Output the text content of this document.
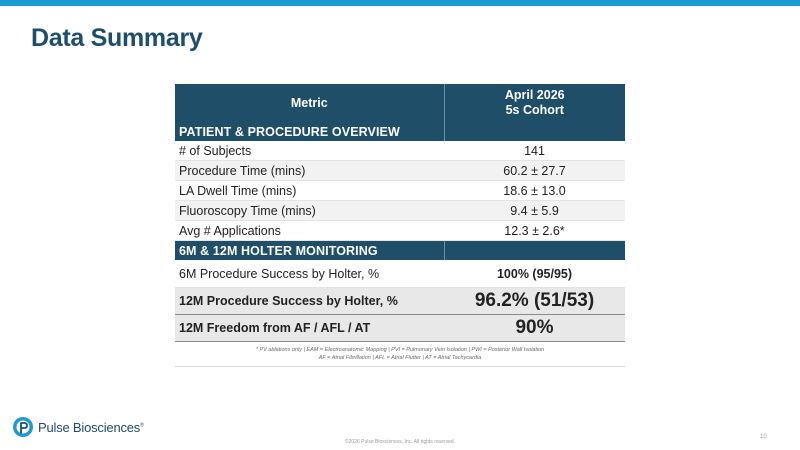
Data Summary
Metric	April 2026
5s Cohort

PATIENT & PROCEDURE OVERVIEW	
# of Subjects	141
Procedure Time (mins)	60.2 ± 27.7
LA Dwell Time (mins)	18.6 ± 13.0
Fluoroscopy Time (mins)	9.4 ± 5.9
Avg # Applications	12.3 ± 2.6*
6M & 12M HOLTER MONITORING	
6M Procedure Success by Holter, %	100% (95/95)
12M Procedure Success by Holter, %	96.2% (51/53)
12M Freedom from AF / AFL / AT	90%

* PV ablations only | EAM = Electroanatomic Mapping | PVI = Pulmonary Vein Isolation | PWI = Posterior Wall Isolation
AF = Atrial Fibrillation | AFL = Atrial Flutter | AT = Atrial Tachycardia	
Pulse Biosciences®
©2026 Pulse Biosciences, Inc. All rights reserved.
10
